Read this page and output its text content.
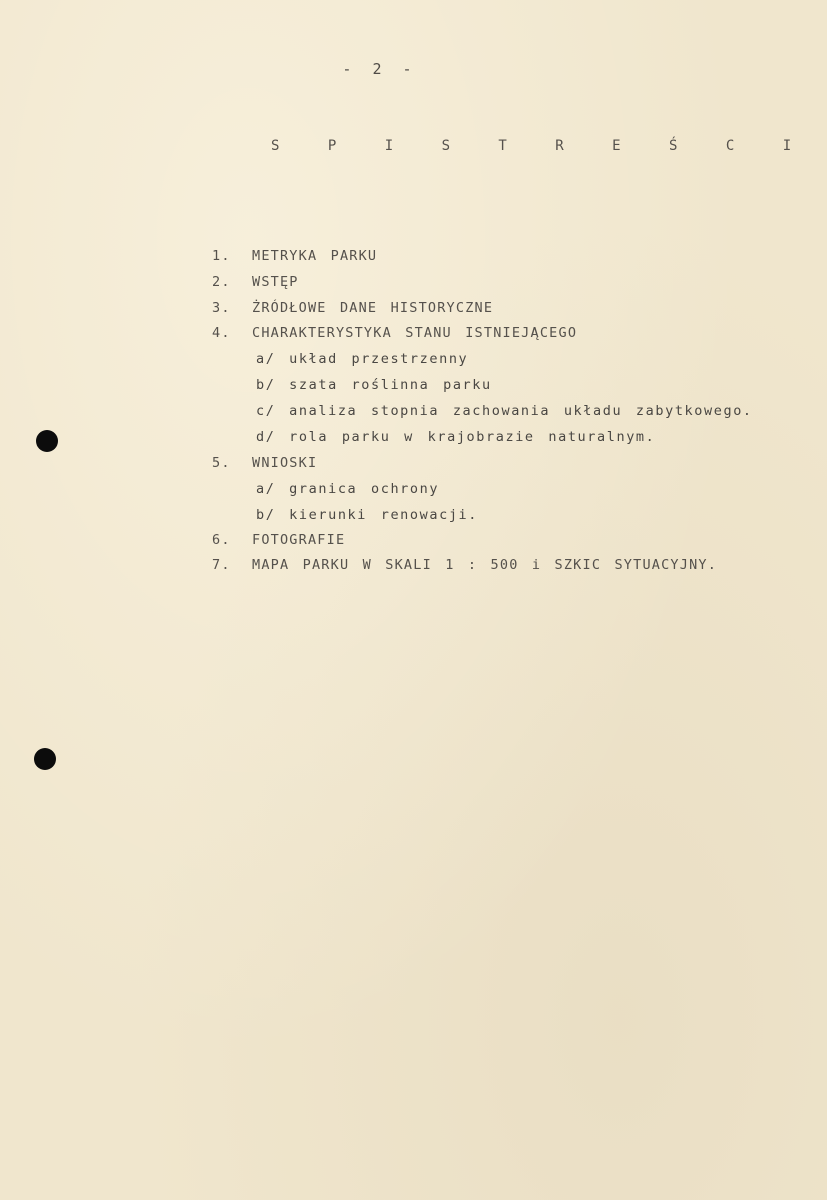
- 2 -
S P I S T R E Ś C I
1.	METRYKA PARKU
2.	WSTĘP
3.	ŻRÓDŁOWE DANE HISTORYCZNE
4.	CHARAKTERYSTYKA STANU ISTNIEJĄCEGO
a/ układ przestrzenny
b/ szata roślinna parku
c/ analiza stopnia zachowania układu zabytkowego.
d/ rola parku w krajobrazie naturalnym.
5.	WNIOSKI
a/ granica ochrony
b/ kierunki renowacji.
6.	FOTOGRAFIE
7.	MAPA PARKU W SKALI 1 : 500 i SZKIC SYTUACYJNY.
